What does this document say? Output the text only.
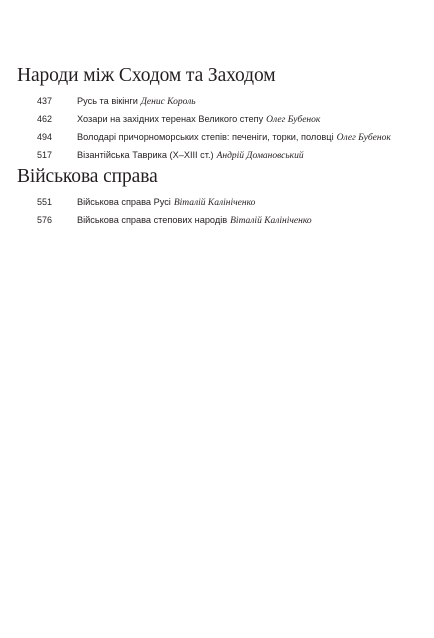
Народи між Сходом та Заходом
437	Русь та вікінги Денис Король
462	Хозари на західних теренах Великого степу Олег Бубенок
494	Володарі причорноморських степів: печеніги, торки, половці Олег Бубенок
517	Візантійська Таврика (Х–ХІІІ ст.) Андрій Домановський
Військова справа
551	Військова справа Русі Віталій Калініченко
576	Військова справа степових народів Віталій Калініченко
